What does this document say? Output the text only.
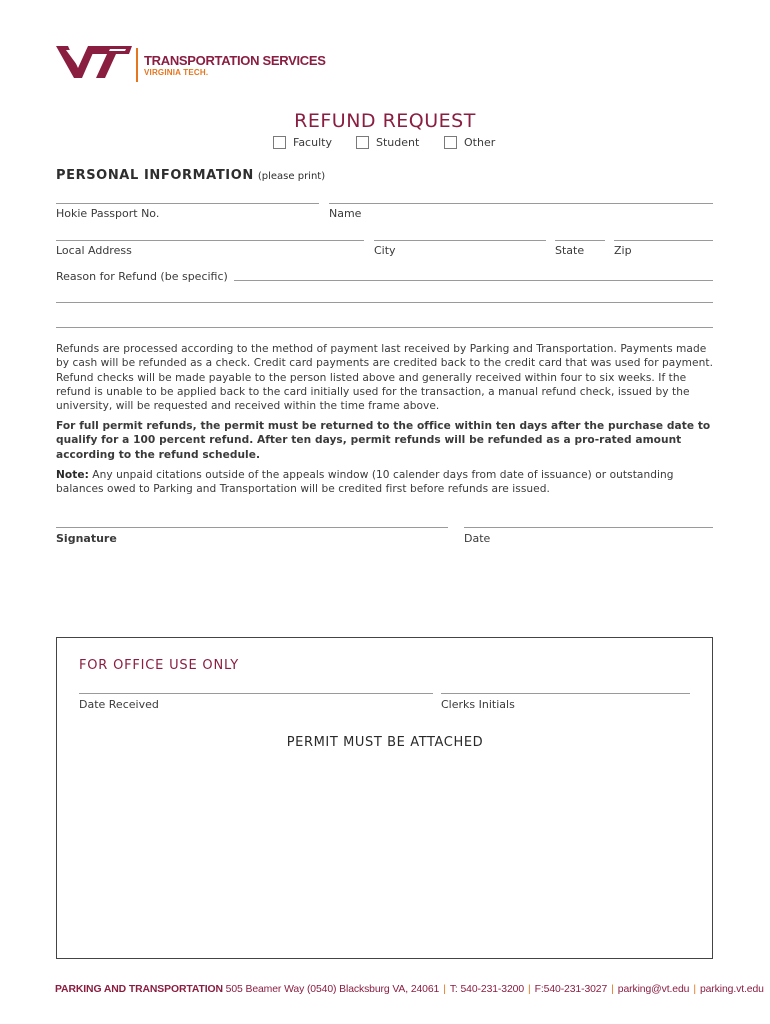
TRANSPORTATION SERVICES
VIRGINIA TECH.
REFUND REQUEST
Faculty	Student	Other
PERSONAL INFORMATION (please print)
Hokie Passport No.	Name
Local Address	City	State	Zip
Reason for Refund (be specific)
Refunds are processed according to the method of payment last received by Parking and Transportation. Payments made by cash will be refunded as a check. Credit card payments are credited back to the credit card that was used for payment. Refund checks will be made payable to the person listed above and generally received within four to six weeks. If the refund is unable to be applied back to the card initially used for the transaction, a manual refund check, issued by the university, will be requested and received within the time frame above.
For full permit refunds, the permit must be returned to the office within ten days after the purchase date to qualify for a 100 percent refund. After ten days, permit refunds will be refunded as a pro-rated amount according to the refund schedule.
Note: Any unpaid citations outside of the appeals window (10 calender days from date of issuance) or outstanding balances owed to Parking and Transportation will be credited first before refunds are issued.
Signature	Date
FOR OFFICE USE ONLY
Date Received	Clerks Initials
PERMIT MUST BE ATTACHED
PARKING AND TRANSPORTATION 505 Beamer Way (0540) Blacksburg VA, 24061 | T: 540-231-3200 | F:540-231-3027 | parking@vt.edu | parking.vt.edu
